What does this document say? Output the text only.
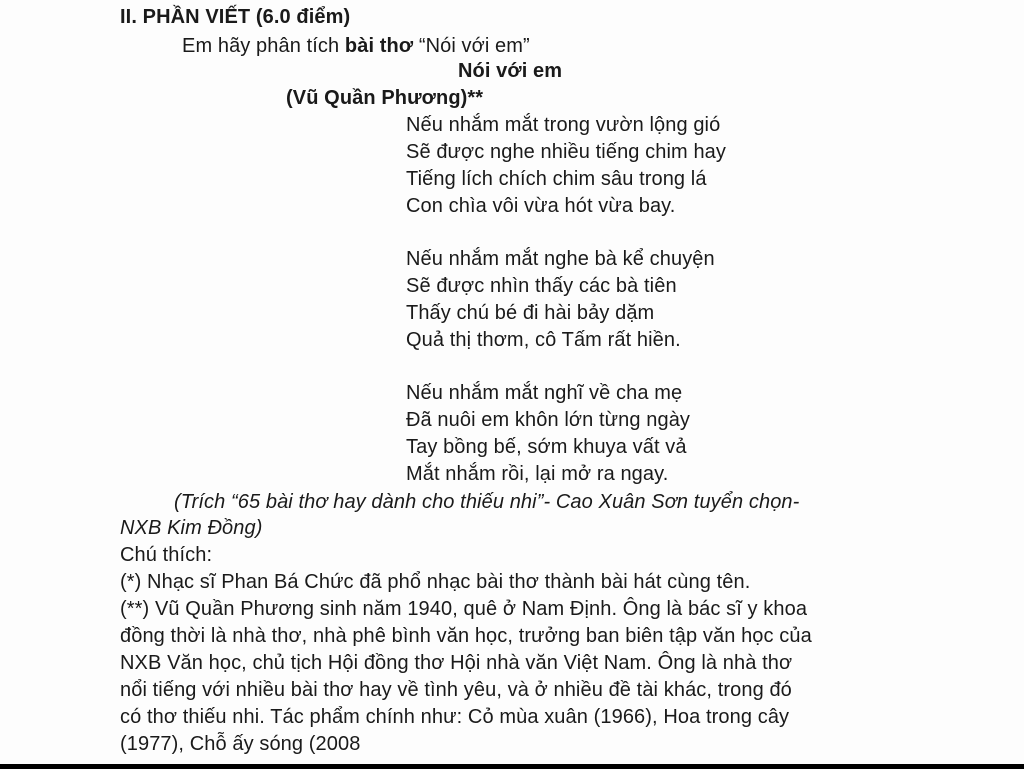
II. PHẦN VIẾT (6.0 điểm)
Em hãy phân tích bài thơ “Nói với em”
Nói với em
(Vũ Quần Phương)**
Nếu nhắm mắt trong vườn lộng gió
Sẽ được nghe nhiều tiếng chim hay
Tiếng lích chích chim sâu trong lá
Con chìa vôi vừa hót vừa bay.
Nếu nhắm mắt nghe bà kể chuyện
Sẽ được nhìn thấy các bà tiên
Thấy chú bé đi hài bảy dặm
Quả thị thơm, cô Tấm rất hiền.
Nếu nhắm mắt nghĩ về cha mẹ
Đã nuôi em khôn lớn từng ngày
Tay bồng bế, sớm khuya vất vả
Mắt nhắm rồi, lại mở ra ngay.
(Trích “65 bài thơ hay dành cho thiếu nhi”- Cao Xuân Sơn tuyển chọn-
NXB Kim Đồng)
Chú thích:
(*) Nhạc sĩ Phan Bá Chức đã phổ nhạc bài thơ thành bài hát cùng tên.
(**) Vũ Quần Phương sinh năm 1940, quê ở Nam Định. Ông là bác sĩ y khoa
đồng thời là nhà thơ, nhà phê bình văn học, trưởng ban biên tập văn học của
NXB Văn học, chủ tịch Hội đồng thơ Hội nhà văn Việt Nam. Ông là nhà thơ
nổi tiếng với nhiều bài thơ hay về tình yêu, và ở nhiều đề tài khác, trong đó
có thơ thiếu nhi. Tác phẩm chính như: Cỏ mùa xuân (1966), Hoa trong cây
(1977), Chỗ ấy sóng (2008
